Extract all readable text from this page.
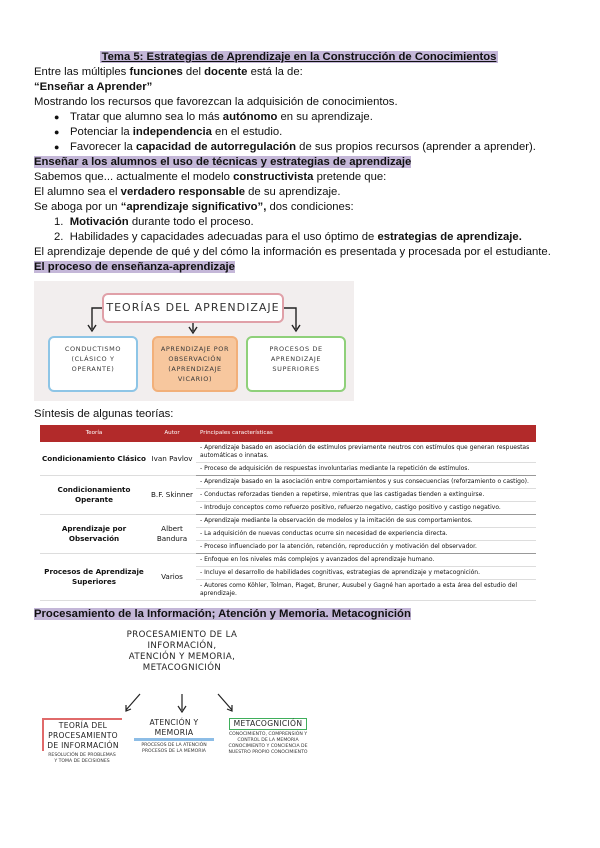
Tema 5: Estrategias de Aprendizaje en la Construcción de Conocimientos

Entre las múltiples funciones del docente está la de:

“Enseñar a Aprender”

Mostrando los recursos que favorezcan la adquisición de conocimientos.

● Tratar que alumno sea lo más autónomo en su aprendizaje.
● Potenciar la independencia en el estudio.
● Favorecer la capacidad de autorregulación de sus propios recursos (aprender a aprender).

Enseñar a los alumnos el uso de técnicas y estrategias de aprendizaje

Sabemos que... actualmente el modelo constructivista pretende que:

El alumno sea el verdadero responsable de su aprendizaje.

Se aboga por un “aprendizaje significativo”, dos condiciones:

1. Motivación durante todo el proceso.
2. Habilidades y capacidades adecuadas para el uso óptimo de estrategias de aprendizaje.

El aprendizaje depende de qué y del cómo la información es presentada y procesada por el estudiante.

El proceso de enseñanza-aprendizaje

TEORÍAS DEL APRENDIZAJE
CONDUCTISMO
(CLÁSICO Y
OPERANTE)
APRENDIZAJE POR
OBSERVACIÓN
(APRENDIZAJE
VICARIO)
PROCESOS DE
APRENDIZAJE
SUPERIORES

Síntesis de algunas teorías:

Teoría	Autor	Principales características
Condicionamiento Clásico	Ivan Pavlov	- Aprendizaje basado en asociación de estímulos previamente neutros con estímulos que generan respuestas automáticas o innatas.
		- Proceso de adquisición de respuestas involuntarias mediante la repetición de estímulos.
Condicionamiento Operante	B.F. Skinner	- Aprendizaje basado en la asociación entre comportamientos y sus consecuencias (reforzamiento o castigo).
		- Conductas reforzadas tienden a repetirse, mientras que las castigadas tienden a extinguirse.
		- Introdujo conceptos como refuerzo positivo, refuerzo negativo, castigo positivo y castigo negativo.
Aprendizaje por Observación	Albert Bandura	- Aprendizaje mediante la observación de modelos y la imitación de sus comportamientos.
		- La adquisición de nuevas conductas ocurre sin necesidad de experiencia directa.
		- Proceso influenciado por la atención, retención, reproducción y motivación del observador.
Procesos de Aprendizaje Superiores	Varios	- Enfoque en los niveles más complejos y avanzados del aprendizaje humano.
		- Incluye el desarrollo de habilidades cognitivas, estrategias de aprendizaje y metacognición.
		- Autores como Köhler, Tolman, Piaget, Bruner, Ausubel y Gagné han aportado a esta área del estudio del aprendizaje.

Procesamiento de la Información; Atención y Memoria. Metacognición

PROCESAMIENTO DE LA
INFORMACIÓN,
ATENCIÓN Y MEMORIA,
METACOGNICIÓN
TEORÍA DEL
PROCESAMIENTO
DE INFORMACIÓN
RESOLUCIÓN DE PROBLEMAS
Y TOMA DE DECISIONES
ATENCIÓN Y MEMORIA
PROCESOS DE LA ATENCIÓN
PROCESOS DE LA MEMORIA
METACOGNICIÓN
CONOCIMIENTO, COMPRENSIÓN Y
CONTROL DE LA MEMORIA
CONOCIMIENTO Y CONCIENCIA DE
NUESTRO PROPIO CONOCIMIENTO
